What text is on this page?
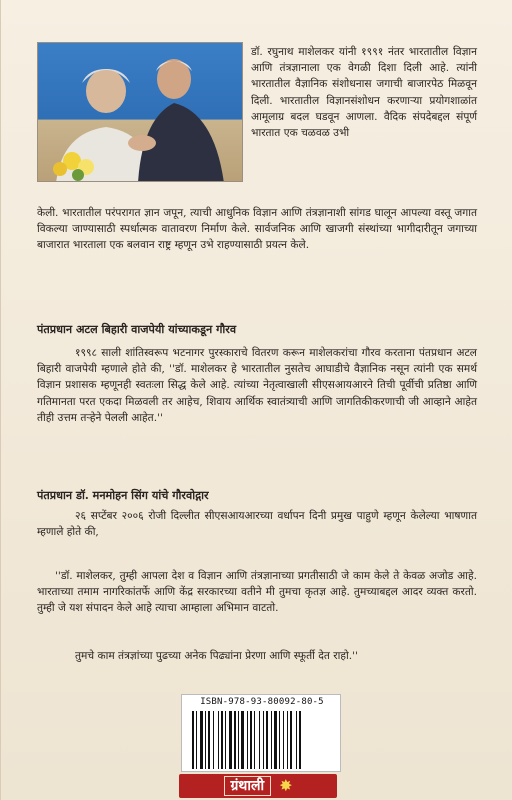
डॉ. रघुनाथ माशेलकर यांनी १९९१ नंतर भारतातील विज्ञान आणि तंत्रज्ञानाला एक वेगळी दिशा दिली आहे. त्यांनी भारतातील वैज्ञानिक संशोधनास जगाची बाजारपेठ मिळवून दिली. भारतातील विज्ञानसंशोधन करणाऱ्या प्रयोगशाळांत आमूलाग्र बदल घडवून आणला. वैदिक संपदेबद्दल संपूर्ण भारतात एक चळवळ उभी
केली. भारतातील परंपरागत ज्ञान जपून, त्याची आधुनिक विज्ञान आणि तंत्रज्ञानाशी सांगड घालून आपल्या वस्तू जगात विकल्या जाण्यासाठी स्पर्धात्मक वातावरण निर्माण केले. सार्वजनिक आणि खाजगी संस्थांच्या भागीदारीतून जगाच्या बाजारात भारताला एक बलवान राष्ट्र म्हणून उभे राहण्यासाठी प्रयत्न केले.
पंतप्रधान अटल बिहारी वाजपेयी यांच्याकडून गौरव
१९९८ साली शांतिस्वरूप भटनागर पुरस्काराचे वितरण करून माशेलकरांचा गौरव करताना पंतप्रधान अटल बिहारी वाजपेयी म्हणाले होते की, ''डॉ. माशेलकर हे भारतातील नुसतेच आघाडीचे वैज्ञानिक नसून त्यांनी एक समर्थ विज्ञान प्रशासक म्हणूनही स्वतःला सिद्ध केले आहे. त्यांच्या नेतृत्वाखाली सीएसआयआरने तिची पूर्वीची प्रतिष्ठा आणि गतिमानता परत एकदा मिळवली तर आहेच, शिवाय आर्थिक स्वातंत्र्याची आणि जागतिकीकरणाची जी आव्हाने आहेत तीही उत्तम तऱ्हेने पेलली आहेत.''
पंतप्रधान डॉ. मनमोहन सिंग यांचे गौरवोद्गार
२६ सप्टेंबर २००६ रोजी दिल्लीत सीएसआयआरच्या वर्धापन दिनी प्रमुख पाहुणे म्हणून केलेल्या भाषणात म्हणाले होते की,
''डॉ. माशेलकर, तुम्ही आपला देश व विज्ञान आणि तंत्रज्ञानाच्या प्रगतीसाठी जे काम केले ते केवळ अजोड आहे. भारताच्या तमाम नागरिकांतर्फे आणि केंद्र सरकारच्या वतीने मी तुमचा कृतज्ञ आहे. तुमच्याबद्दल आदर व्यक्त करतो. तुम्ही जे यश संपादन केले आहे त्याचा आम्हाला अभिमान वाटतो.
तुमचे काम तंत्रज्ञांच्या पुढच्या अनेक पिढ्यांना प्रेरणा आणि स्फूर्ती देत राहो.''
ISBN-978-93-80092-80-5
ग्रंथाली ✸
